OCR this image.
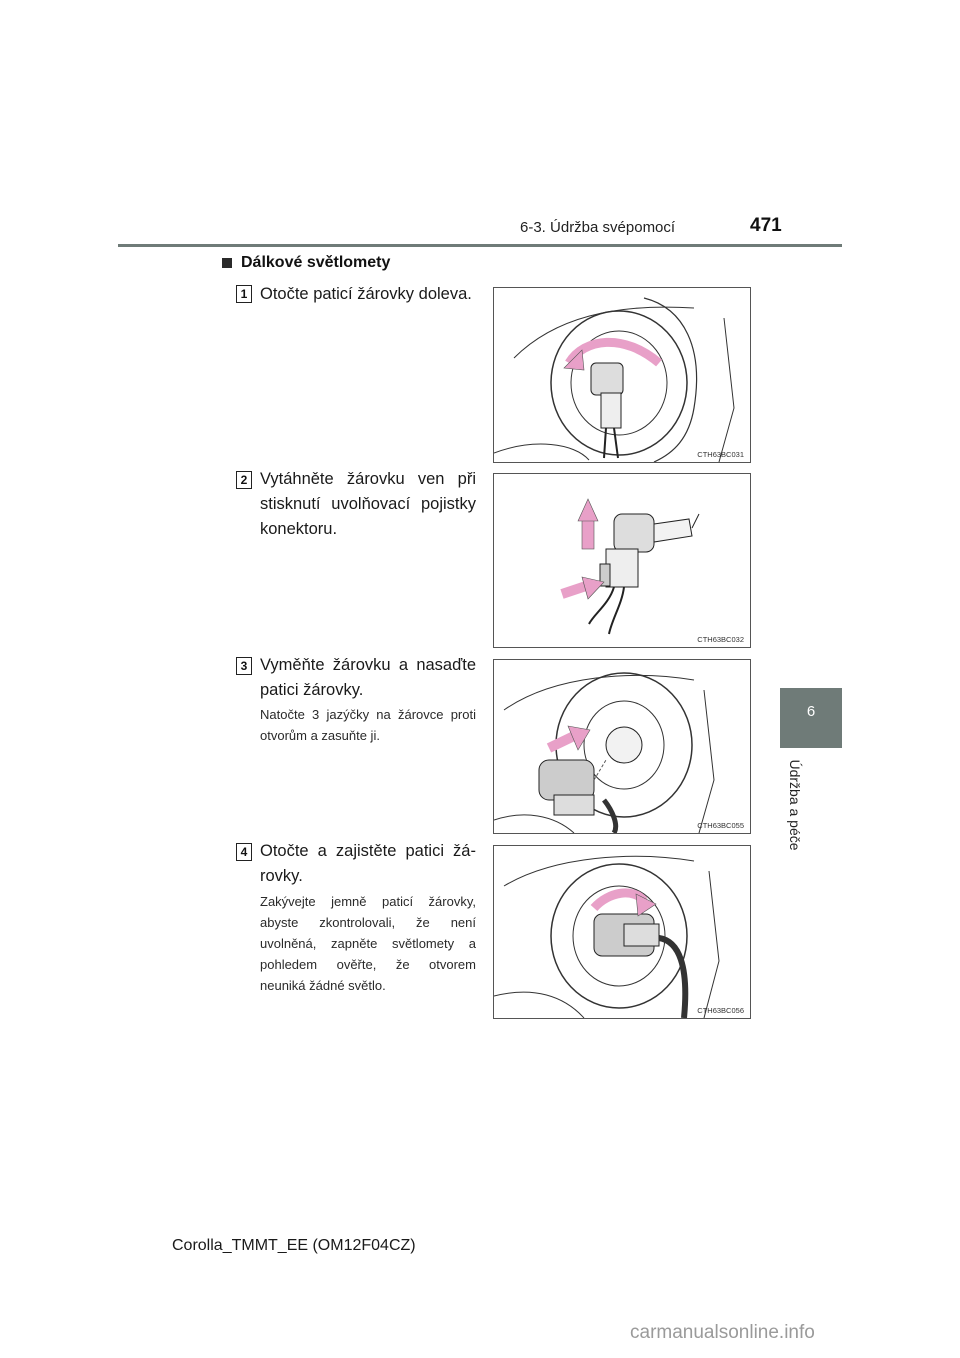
6-3. Údržba svépomocí	471
6
Údržba a péče
Dálkové světlomety
1 Otočte paticí žárovky doleva.
CTH63BC031
2 Vytáhněte žárovku ven při stisknutí uvolňovací pojistky konektoru.
CTH63BC032
3 Vyměňte žárovku a nasaďte patici žárovky.
Natočte 3 jazýčky na žárovce proti otvorům a zasuňte ji.
CTH63BC055
4 Otočte a zajistěte patici žárovky.
Zakývejte jemně paticí žárovky, abyste zkontrolovali, že není uvolněná, zapněte světlomety a pohledem ověřte, že otvorem neuniká žádné světlo.
CTH63BC056
Corolla_TMMT_EE (OM12F04CZ)
carmanualsonline.info
